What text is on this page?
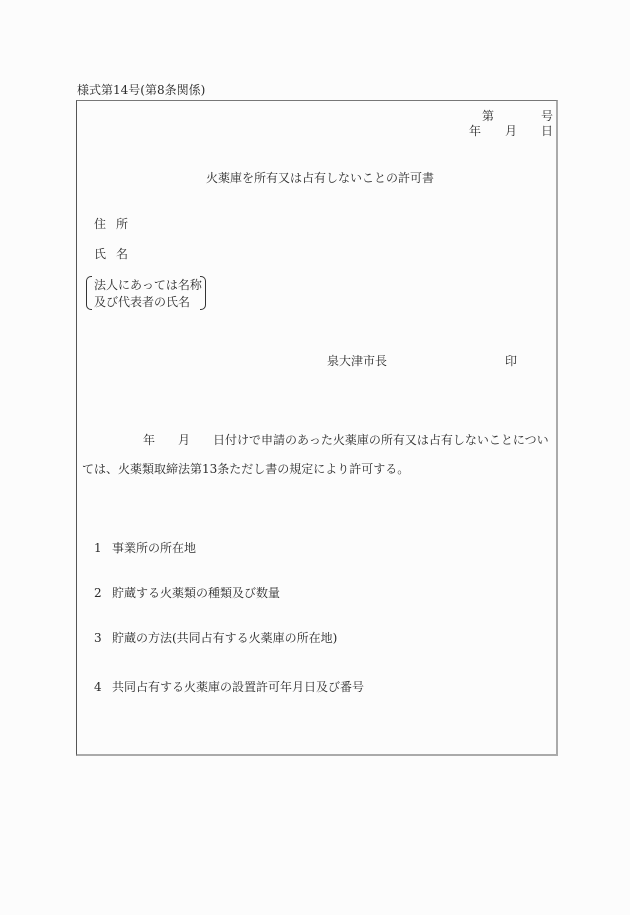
様式第14号(第8条関係)
第	号
年 月 日
火薬庫を所有又は占有しないことの許可書
住所
氏名
法人にあっては名称
及び代表者の氏名
泉大津市長	印
年 月 日付けで申請のあった火薬庫の所有又は占有しないことについ
ては、火薬類取締法第13条ただし書の規定により許可する。
1 事業所の所在地
2 貯蔵する火薬類の種類及び数量
3 貯蔵の方法(共同占有する火薬庫の所在地)
4 共同占有する火薬庫の設置許可年月日及び番号
